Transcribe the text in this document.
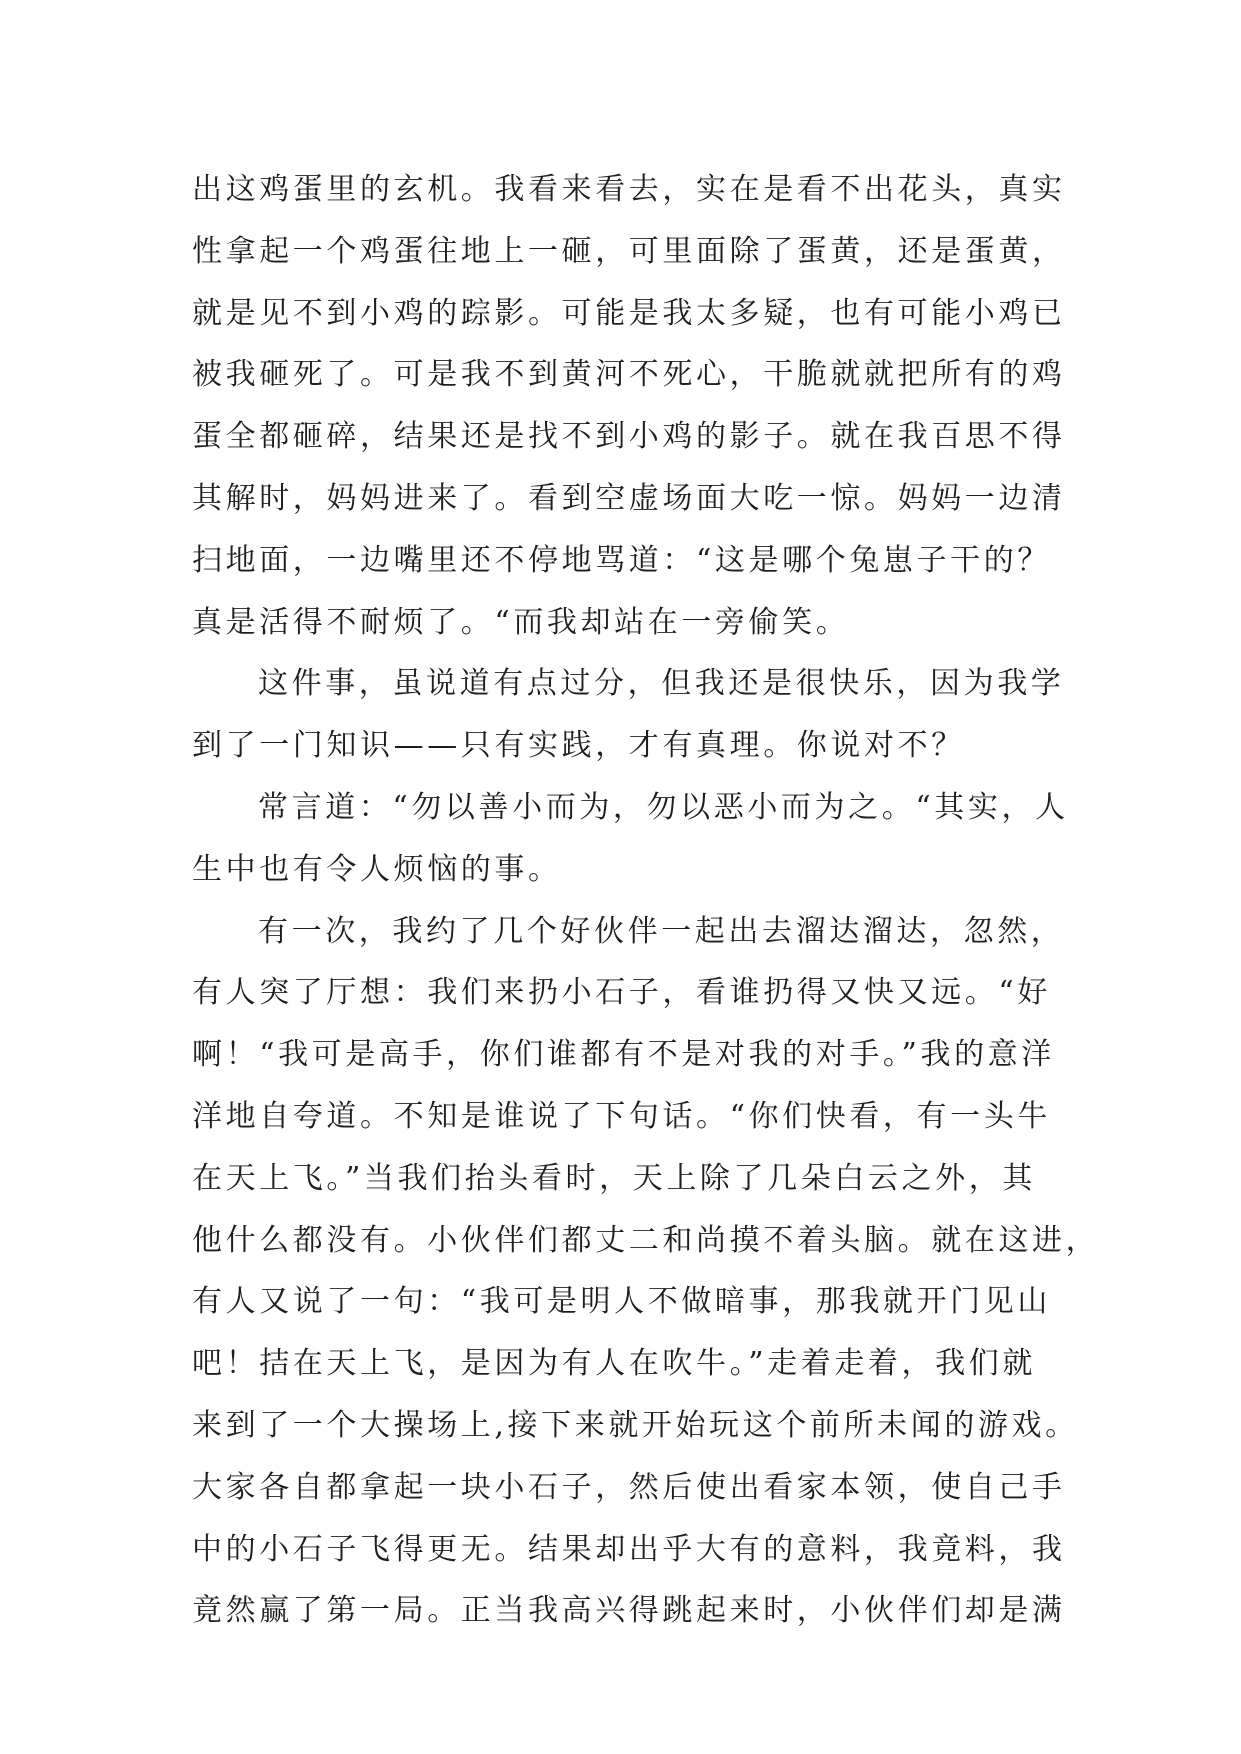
出这鸡蛋里的玄机。我看来看去，实在是看不出花头，真实
性拿起一个鸡蛋往地上一砸，可里面除了蛋黄，还是蛋黄，
就是见不到小鸡的踪影。可能是我太多疑，也有可能小鸡已
被我砸死了。可是我不到黄河不死心，干脆就就把所有的鸡
蛋全都砸碎，结果还是找不到小鸡的影子。就在我百思不得
其解时，妈妈进来了。看到空虚场面大吃一惊。妈妈一边清
扫地面，一边嘴里还不停地骂道：“这是哪个兔崽子干的？
真是活得不耐烦了。“而我却站在一旁偷笑。
这件事，虽说道有点过分，但我还是很快乐，因为我学
到了一门知识——只有实践，才有真理。你说对不？
常言道：“勿以善小而为，勿以恶小而为之。“其实，人
生中也有令人烦恼的事。
有一次，我约了几个好伙伴一起出去溜达溜达，忽然，
有人突了厅想：我们来扔小石子，看谁扔得又快又远。“好
啊！“我可是高手，你们谁都有不是对我的对手。”我的意洋
洋地自夸道。不知是谁说了下句话。“你们快看，有一头牛
在天上飞。”当我们抬头看时，天上除了几朵白云之外，其
他什么都没有。小伙伴们都丈二和尚摸不着头脑。就在这进，
有人又说了一句：“我可是明人不做暗事，那我就开门见山
吧！拮在天上飞，是因为有人在吹牛。”走着走着，我们就
来到了一个大操场上,接下来就开始玩这个前所未闻的游戏。
大家各自都拿起一块小石子，然后使出看家本领，使自己手
中的小石子飞得更无。结果却出乎大有的意料，我竟料，我
竟然赢了第一局。正当我高兴得跳起来时，小伙伴们却是满
